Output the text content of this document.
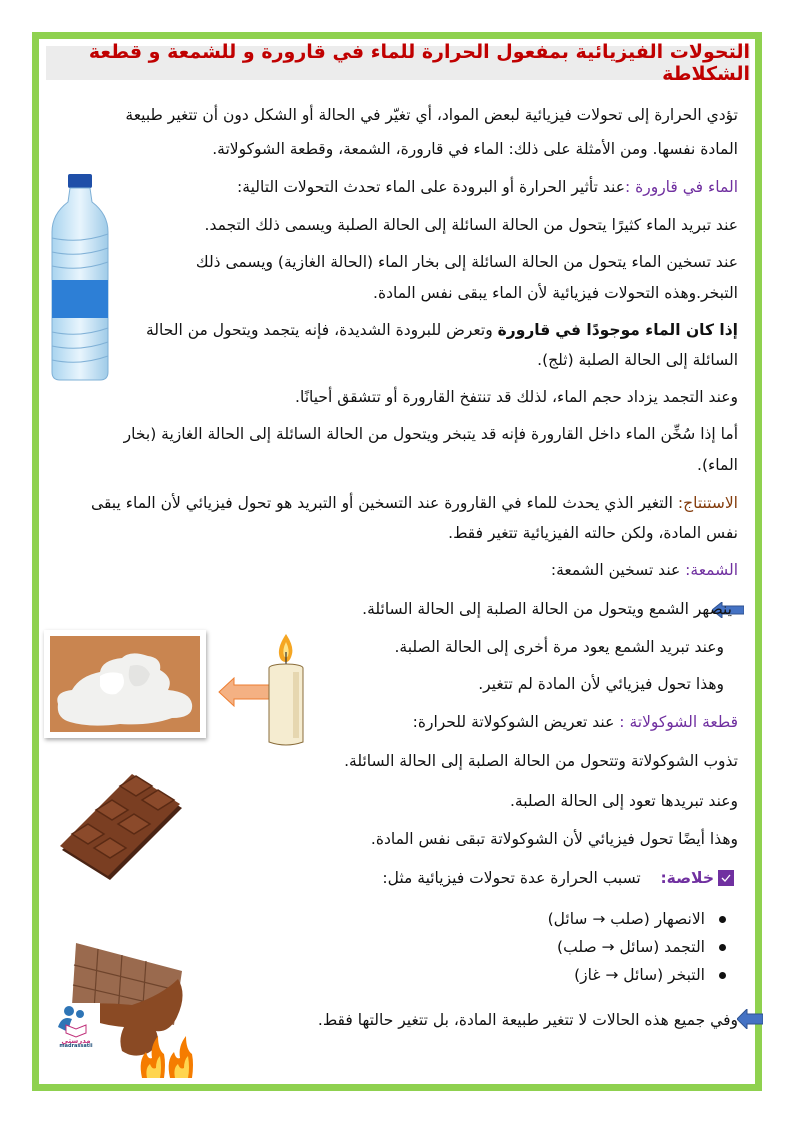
التحولات الفيزيائية بمفعول الحرارة للماء في قارورة و للشمعة و قطعة الشكلاطة
تؤدي الحرارة إلى تحولات فيزيائية لبعض المواد، أي تغيّر في الحالة أو الشكل دون أن تتغير طبيعة
المادة نفسها. ومن الأمثلة على ذلك: الماء في قارورة، الشمعة، وقطعة الشوكولاتة.
الماء في قارورة :عند تأثير الحرارة أو البرودة على الماء تحدث التحولات التالية:
عند تبريد الماء كثيرًا يتحول من الحالة السائلة إلى الحالة الصلبة ويسمى ذلك التجمد.
عند تسخين الماء يتحول من الحالة السائلة إلى بخار الماء (الحالة الغازية) ويسمى ذلك
التبخر.وهذه التحولات فيزيائية لأن الماء يبقى نفس المادة.
إذا كان الماء موجودًا في قارورة وتعرض للبرودة الشديدة، فإنه يتجمد ويتحول من الحالة
السائلة إلى الحالة الصلبة (ثلج).
وعند التجمد يزداد حجم الماء، لذلك قد تنتفخ القارورة أو تتشقق أحيانًا.
أما إذا سُخِّن الماء داخل القارورة فإنه قد يتبخر ويتحول من الحالة السائلة إلى الحالة الغازية (بخار
الماء).
الاستنتاج: التغير الذي يحدث للماء في القارورة عند التسخين أو التبريد هو تحول فيزيائي لأن الماء يبقى
نفس المادة، ولكن حالته الفيزيائية تتغير فقط.
الشمعة: عند تسخين الشمعة:
ينصهر الشمع ويتحول من الحالة الصلبة إلى الحالة السائلة.
وعند تبريد الشمع يعود مرة أخرى إلى الحالة الصلبة.
وهذا تحول فيزيائي لأن المادة لم تتغير.
قطعة الشوكولاتة : عند تعريض الشوكولاتة للحرارة:
تذوب الشوكولاتة وتتحول من الحالة الصلبة إلى الحالة السائلة.
وعند تبريدها تعود إلى الحالة الصلبة.
وهذا أيضًا تحول فيزيائي لأن الشوكولاتة تبقى نفس المادة.
خلاصة:    تسبب الحرارة عدة تحولات فيزيائية مثل:
الانصهار (صلب → سائل)
التجمد (سائل → صلب)
التبخر (سائل → غاز)
وفي جميع هذه الحالات لا تتغير طبيعة المادة، بل تتغير حالتها فقط.
مدرستي
madrassatii
